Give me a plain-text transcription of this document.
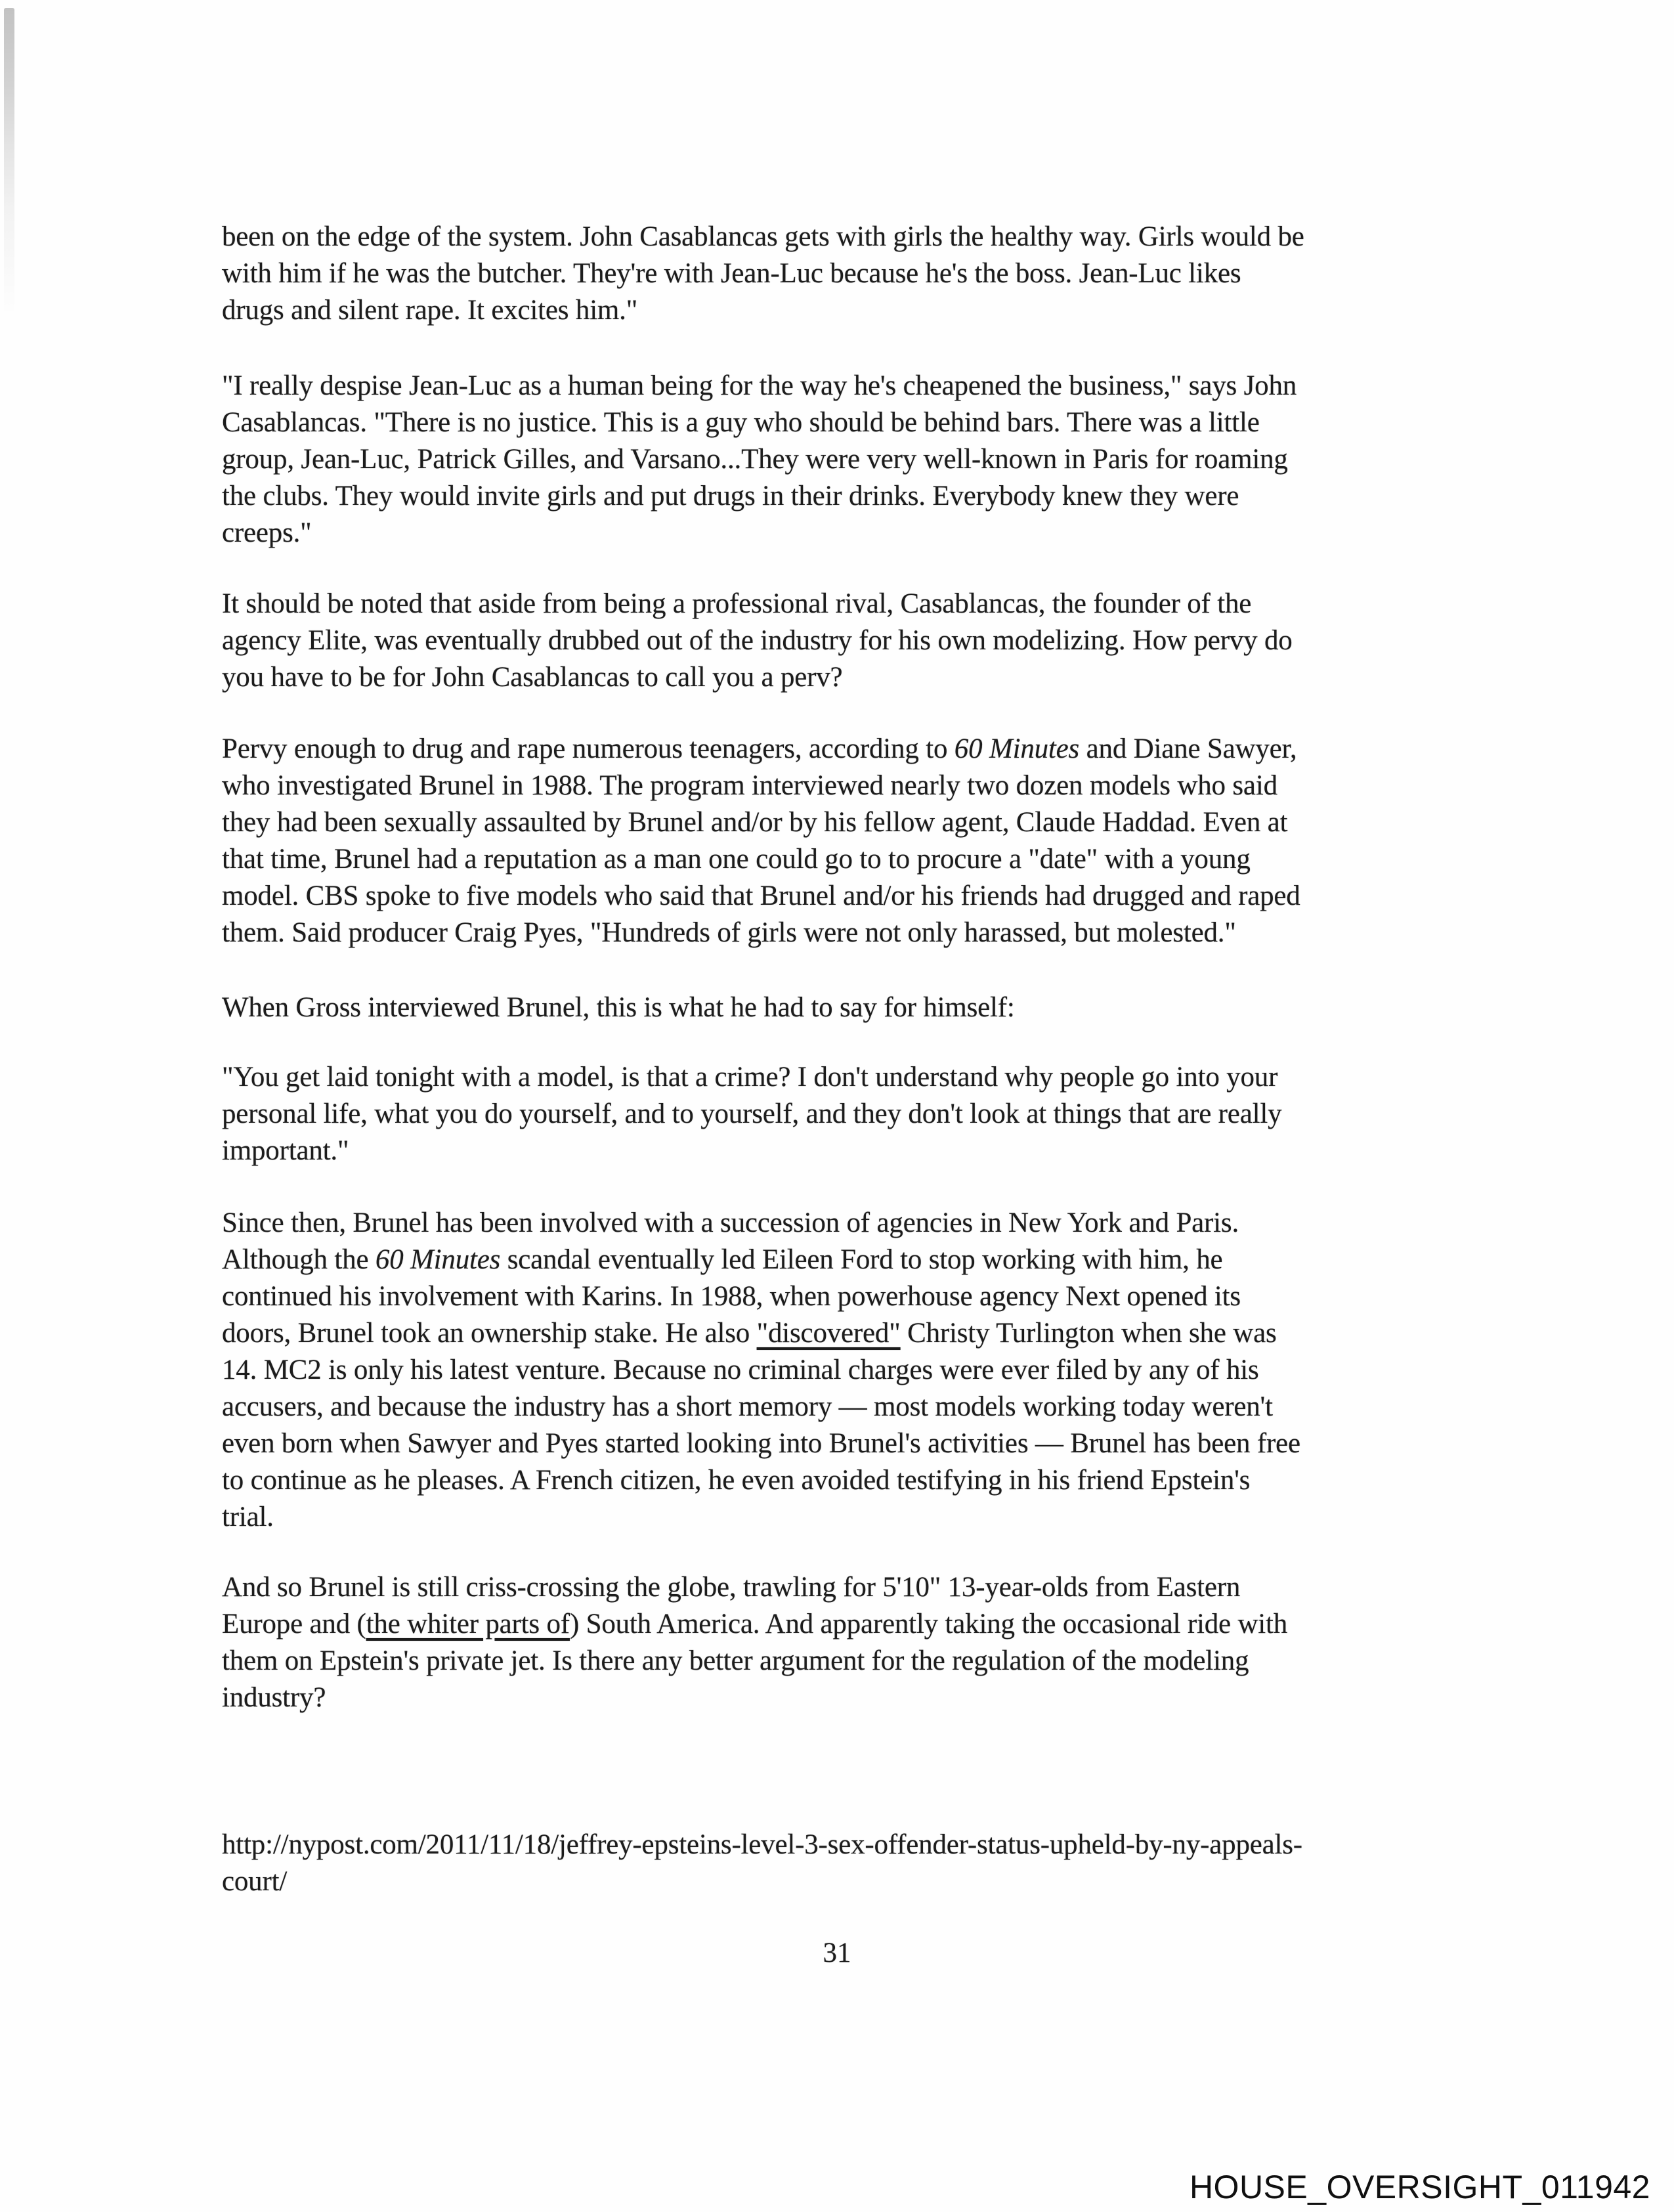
been on the edge of the system. John Casablancas gets with girls the healthy way. Girls would be
with him if he was the butcher. They're with Jean-Luc because he's the boss. Jean-Luc likes
drugs and silent rape. It excites him."
"I really despise Jean-Luc as a human being for the way he's cheapened the business," says John
Casablancas. "There is no justice. This is a guy who should be behind bars. There was a little
group, Jean-Luc, Patrick Gilles, and Varsano...They were very well-known in Paris for roaming
the clubs. They would invite girls and put drugs in their drinks. Everybody knew they were
creeps."
It should be noted that aside from being a professional rival, Casablancas, the founder of the
agency Elite, was eventually drubbed out of the industry for his own modelizing. How pervy do
you have to be for John Casablancas to call you a perv?
Pervy enough to drug and rape numerous teenagers, according to 60 Minutes and Diane Sawyer,
who investigated Brunel in 1988. The program interviewed nearly two dozen models who said
they had been sexually assaulted by Brunel and/or by his fellow agent, Claude Haddad. Even at
that time, Brunel had a reputation as a man one could go to to procure a "date" with a young
model. CBS spoke to five models who said that Brunel and/or his friends had drugged and raped
them. Said producer Craig Pyes, "Hundreds of girls were not only harassed, but molested."
When Gross interviewed Brunel, this is what he had to say for himself:
"You get laid tonight with a model, is that a crime? I don't understand why people go into your
personal life, what you do yourself, and to yourself, and they don't look at things that are really
important."
Since then, Brunel has been involved with a succession of agencies in New York and Paris.
Although the 60 Minutes scandal eventually led Eileen Ford to stop working with him, he
continued his involvement with Karins. In 1988, when powerhouse agency Next opened its
doors, Brunel took an ownership stake. He also "discovered" Christy Turlington when she was
14. MC2 is only his latest venture. Because no criminal charges were ever filed by any of his
accusers, and because the industry has a short memory — most models working today weren't
even born when Sawyer and Pyes started looking into Brunel's activities — Brunel has been free
to continue as he pleases. A French citizen, he even avoided testifying in his friend Epstein's
trial.
And so Brunel is still criss-crossing the globe, trawling for 5'10" 13-year-olds from Eastern
Europe and (the whiter parts of) South America. And apparently taking the occasional ride with
them on Epstein's private jet. Is there any better argument for the regulation of the modeling
industry?
http://nypost.com/2011/11/18/jeffrey-epsteins-level-3-sex-offender-status-upheld-by-ny-appeals-
court/
31
HOUSE_OVERSIGHT_011942
